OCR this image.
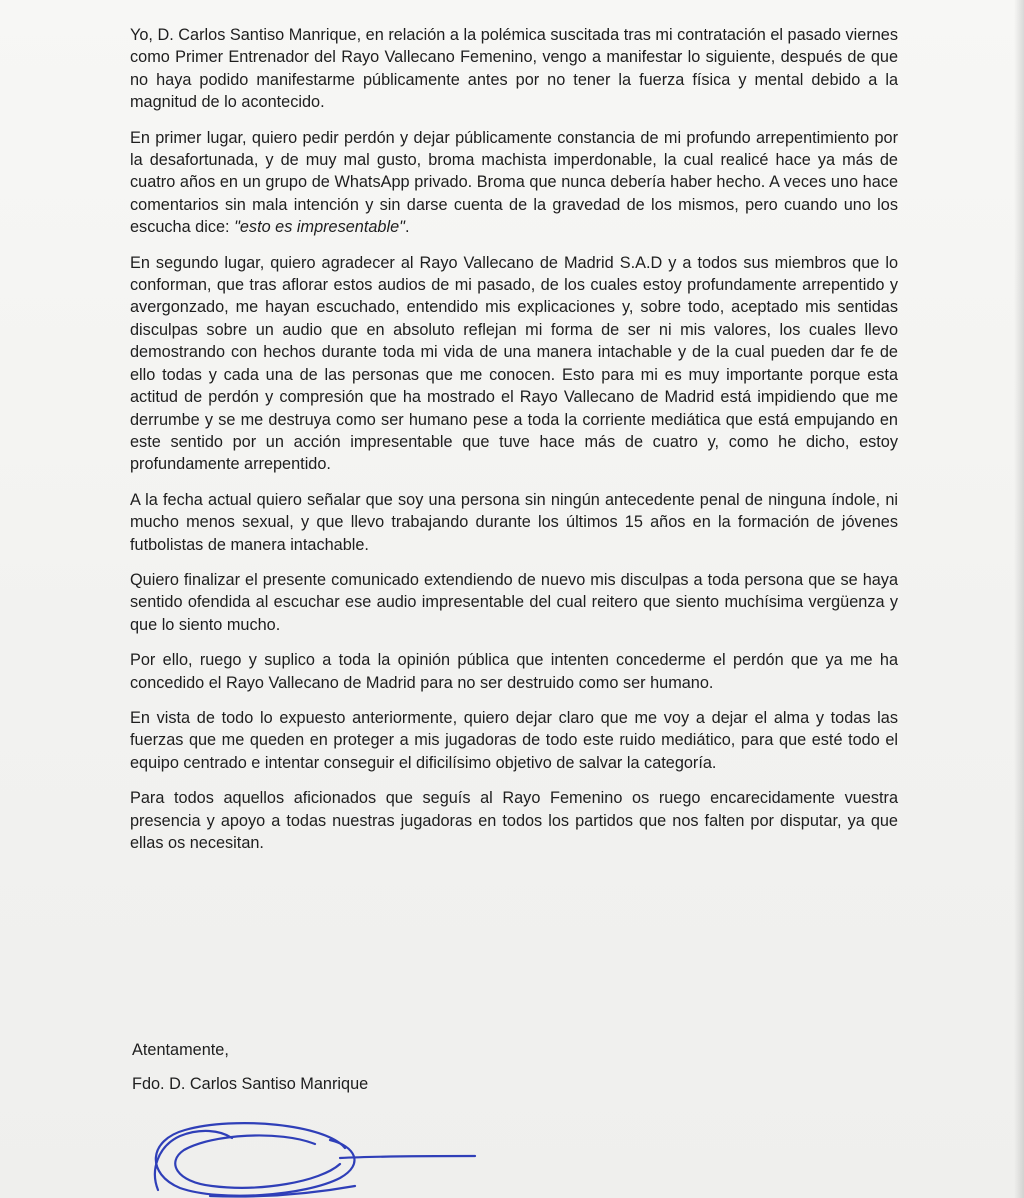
Yo, D. Carlos Santiso Manrique, en relación a la polémica suscitada tras mi contratación el pasado viernes como Primer Entrenador del Rayo Vallecano Femenino, vengo a manifestar lo siguiente, después de que no haya podido manifestarme públicamente antes por no tener la fuerza física y mental debido a la magnitud de lo acontecido.

En primer lugar, quiero pedir perdón y dejar públicamente constancia de mi profundo arrepentimiento por la desafortunada, y de muy mal gusto, broma machista imperdonable, la cual realicé hace ya más de cuatro años en un grupo de WhatsApp privado. Broma que nunca debería haber hecho. A veces uno hace comentarios sin mala intención y sin darse cuenta de la gravedad de los mismos, pero cuando uno los escucha dice: "esto es impresentable".

En segundo lugar, quiero agradecer al Rayo Vallecano de Madrid S.A.D y a todos sus miembros que lo conforman, que tras aflorar estos audios de mi pasado, de los cuales estoy profundamente arrepentido y avergonzado, me hayan escuchado, entendido mis explicaciones y, sobre todo, aceptado mis sentidas disculpas sobre un audio que en absoluto reflejan mi forma de ser ni mis valores, los cuales llevo demostrando con hechos durante toda mi vida de una manera intachable y de la cual pueden dar fe de ello todas y cada una de las personas que me conocen. Esto para mi es muy importante porque esta actitud de perdón y compresión que ha mostrado el Rayo Vallecano de Madrid está impidiendo que me derrumbe y se me destruya como ser humano pese a toda la corriente mediática que está empujando en este sentido por un acción impresentable que tuve hace más de cuatro y, como he dicho, estoy profundamente arrepentido.

A la fecha actual quiero señalar que soy una persona sin ningún antecedente penal de ninguna índole, ni mucho menos sexual, y que llevo trabajando durante los últimos 15 años en la formación de jóvenes futbolistas de manera intachable.

Quiero finalizar el presente comunicado extendiendo de nuevo mis disculpas a toda persona que se haya sentido ofendida al escuchar ese audio impresentable del cual reitero que siento muchísima vergüenza y que lo siento mucho.

Por ello, ruego y suplico a toda la opinión pública que intenten concederme el perdón que ya me ha concedido el Rayo Vallecano de Madrid para no ser destruido como ser humano.

En vista de todo lo expuesto anteriormente, quiero dejar claro que me voy a dejar el alma y todas las fuerzas que me queden en proteger a mis jugadoras de todo este ruido mediático, para que esté todo el equipo centrado e intentar conseguir el dificilísimo objetivo de salvar la categoría.

Para todos aquellos aficionados que seguís al Rayo Femenino os ruego encarecidamente vuestra presencia y apoyo a todas nuestras jugadoras en todos los partidos que nos falten por disputar, ya que ellas os necesitan.

Atentamente,
Fdo. D. Carlos Santiso Manrique
